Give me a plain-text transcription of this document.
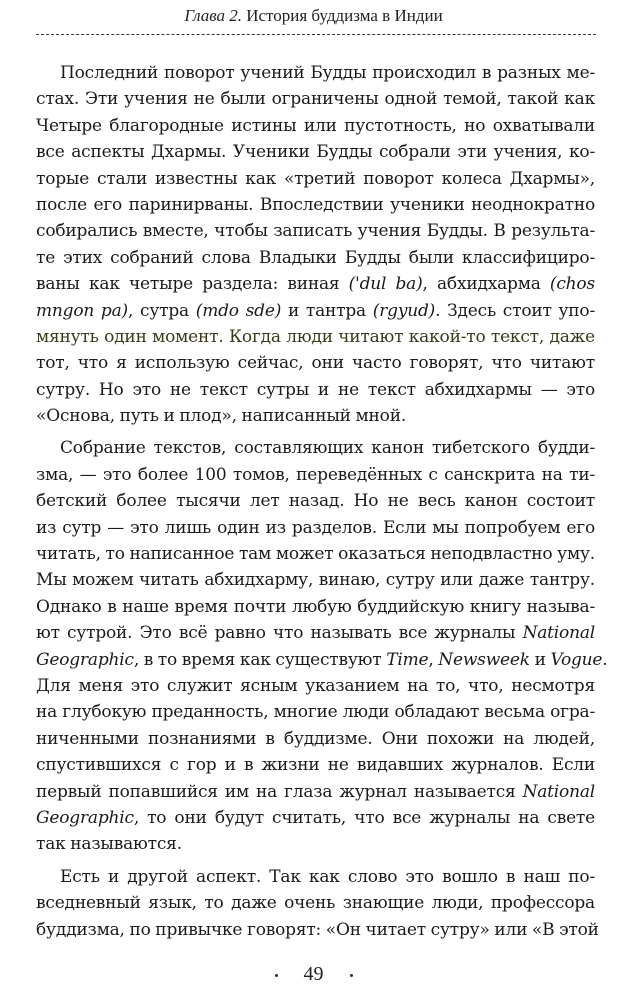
Глава 2. История буддизма в Индии
Последний поворот учений Будды происходил в разных ме-
стах. Эти учения не были ограничены одной темой, такой как
Четыре благородные истины или пустотность, но охватывали
все аспекты Дхармы. Ученики Будды собрали эти учения, ко-
торые стали известны как «третий поворот колеса Дхармы»,
после его паринирваны. Впоследствии ученики неоднократно
собирались вместе, чтобы записать учения Будды. В результа-
те этих собраний слова Владыки Будды были классифициро-
ваны как четыре раздела: виная ('dul ba), абхидхарма (chos
mngon pa), сутра (mdo sde) и тантра (rgyud). Здесь стоит упо-
мянуть один момент. Когда люди читают какой-то текст, даже
тот, что я использую сейчас, они часто говорят, что читают
сутру. Но это не текст сутры и не текст абхидхармы — это
«Основа, путь и плод», написанный мной.
Собрание текстов, составляющих канон тибетского будди-
зма, — это более 100 томов, переведённых с санскрита на ти-
бетский более тысячи лет назад. Но не весь канон состоит
из сутр — это лишь один из разделов. Если мы попробуем его
читать, то написанное там может оказаться неподвластно уму.
Мы можем читать абхидхарму, винаю, сутру или даже тантру.
Однако в наше время почти любую буддийскую книгу называ-
ют сутрой. Это всё равно что называть все журналы National
Geographic, в то время как существуют Time, Newsweek и Vogue.
Для меня это служит ясным указанием на то, что, несмотря
на глубокую преданность, многие люди обладают весьма огра-
ниченными познаниями в буддизме. Они похожи на людей,
спустившихся с гор и в жизни не видавших журналов. Если
первый попавшийся им на глаза журнал называется National
Geographic, то они будут считать, что все журналы на свете
так называются.
Есть и другой аспект. Так как слово это вошло в наш по-
вседневный язык, то даже очень знающие люди, профессора
буддизма, по привычке говорят: «Он читает сутру» или «В этой
49
